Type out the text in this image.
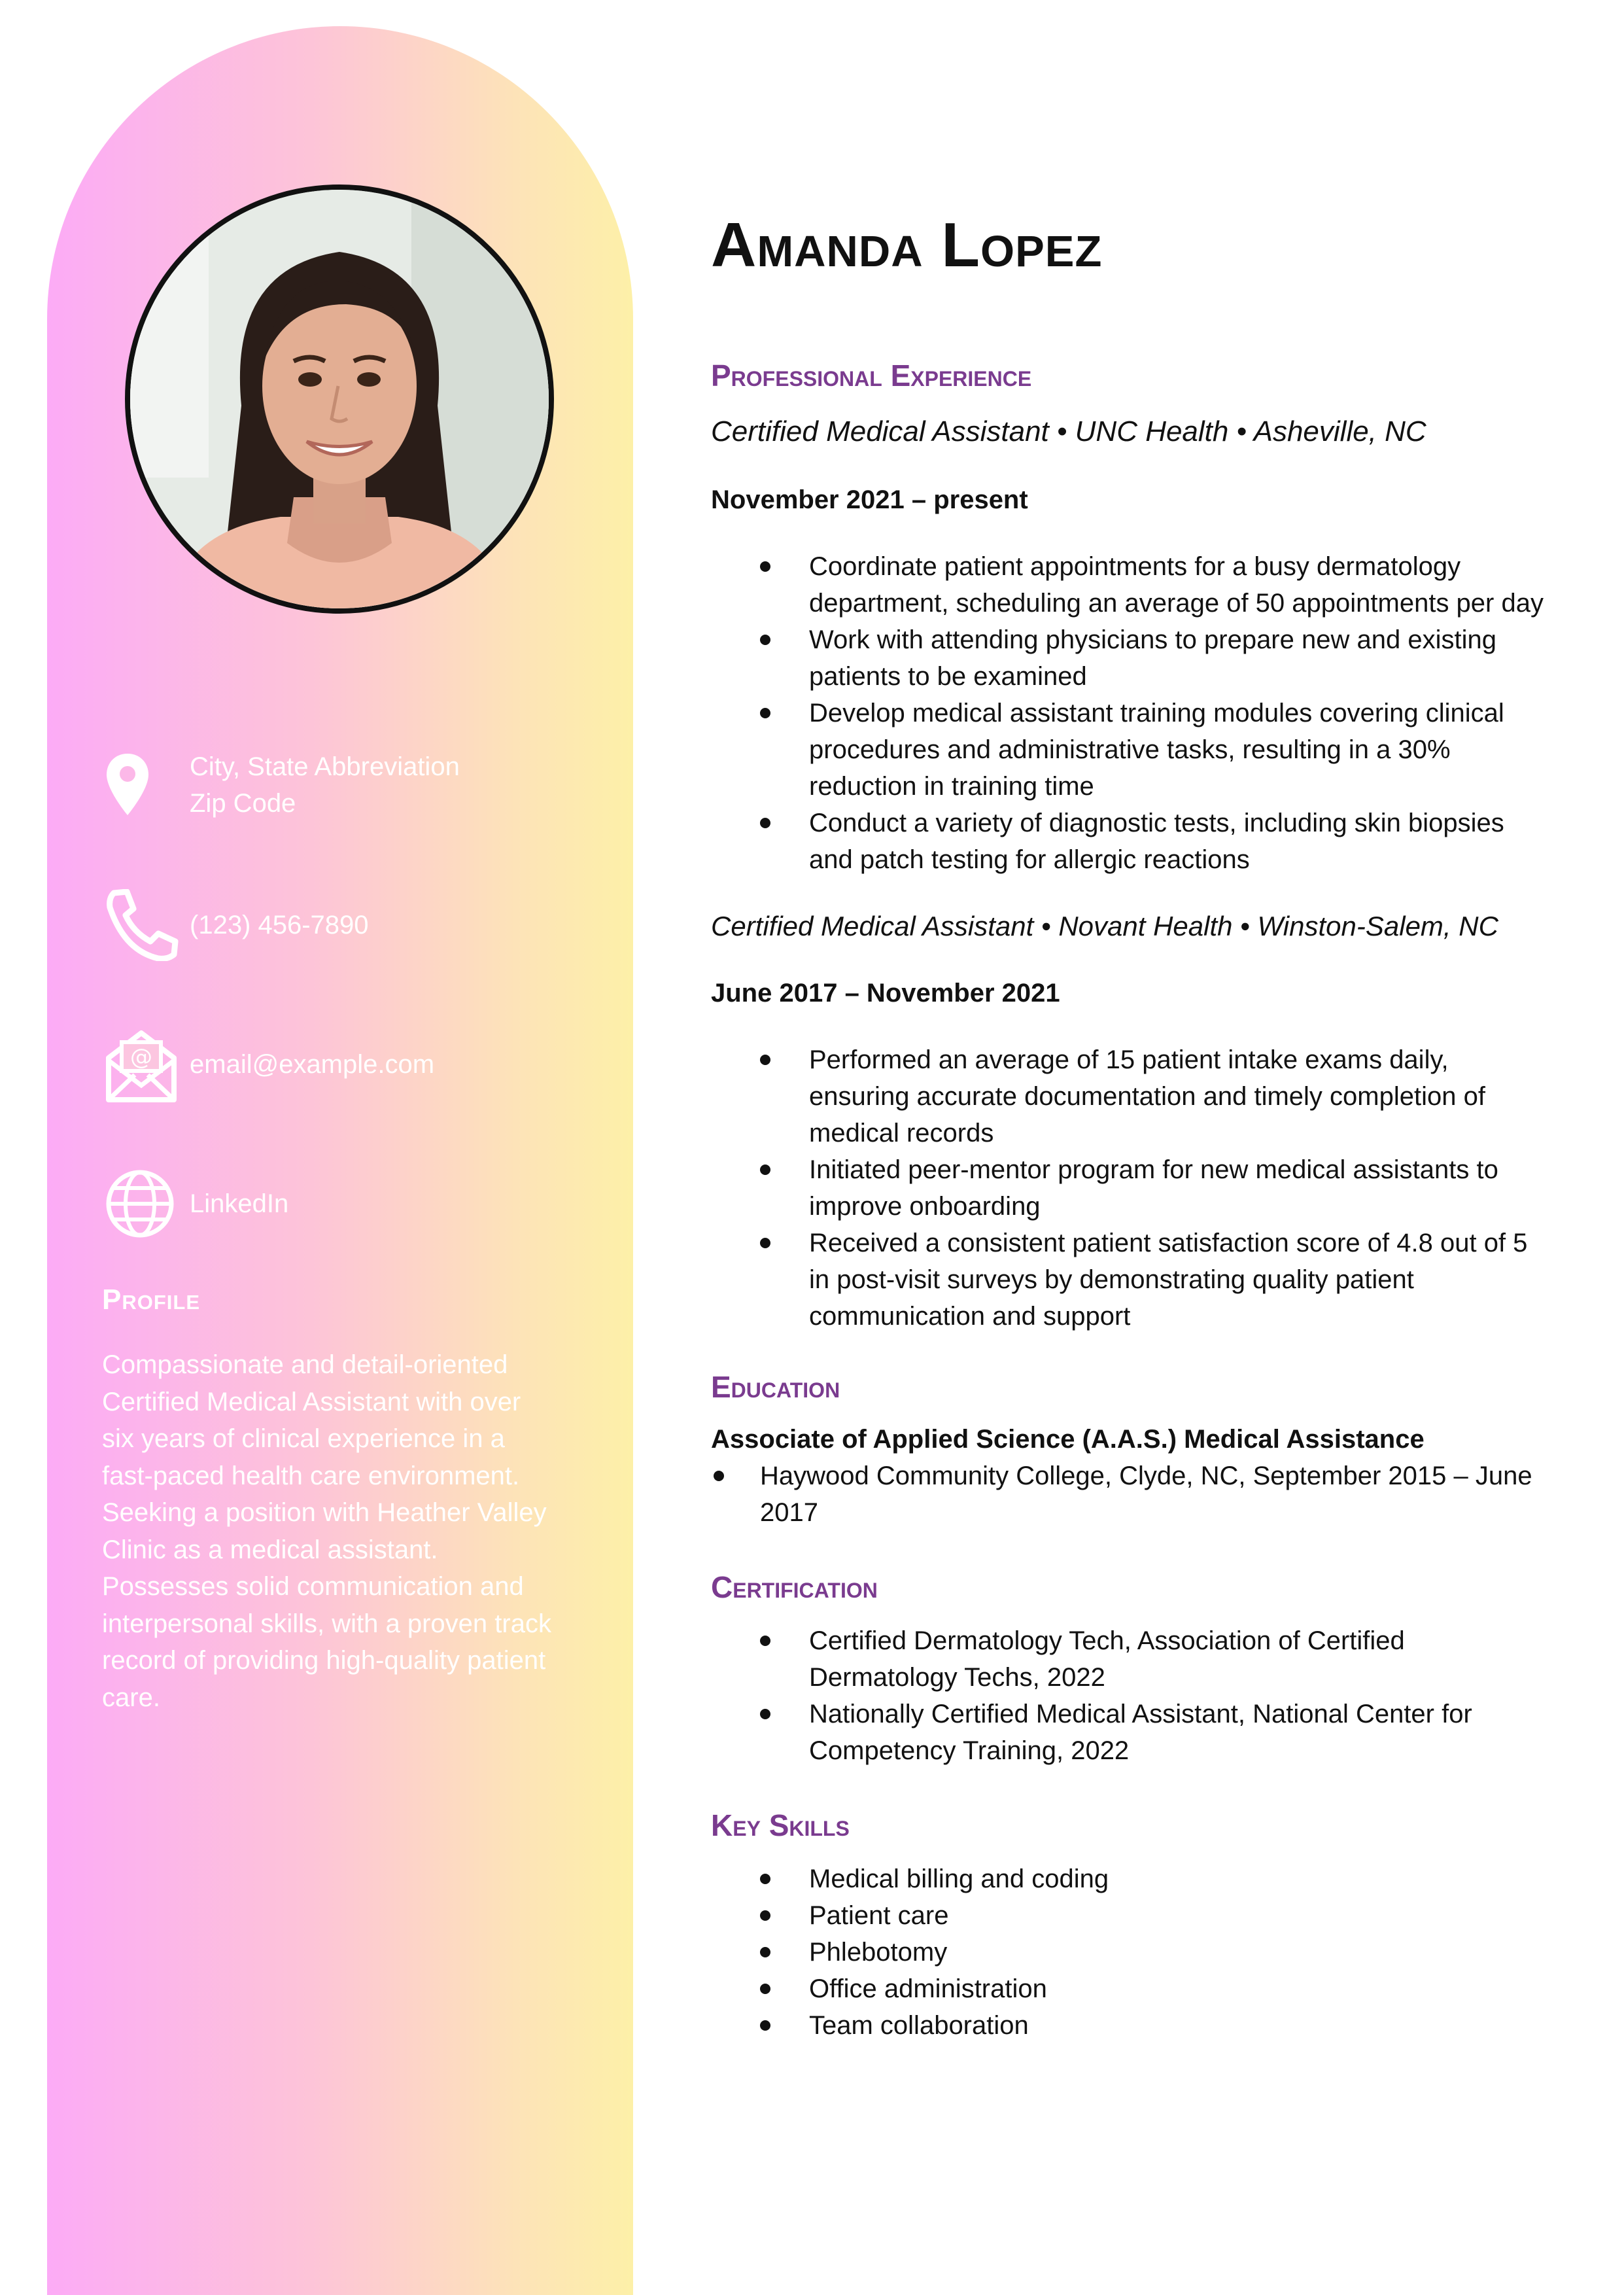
City, State Abbreviation Zip Code
(123) 456-7890
@ email@example.com
LinkedIn
Profile
Compassionate and detail-oriented Certified Medical Assistant with over six years of clinical experience in a fast-paced health care environment. Seeking a position with Heather Valley Clinic as a medical assistant. Possesses solid communication and interpersonal skills, with a proven track record of providing high-quality patient care.
Amanda Lopez
Professional Experience

Certified Medical Assistant • UNC Health • Asheville, NC

November 2021 – present

Coordinate patient appointments for a busy dermatology department, scheduling an average of 50 appointments per day
Work with attending physicians to prepare new and existing patients to be examined
Develop medical assistant training modules covering clinical procedures and administrative tasks, resulting in a 30% reduction in training time
Conduct a variety of diagnostic tests, including skin biopsies and patch testing for allergic reactions

Certified Medical Assistant • Novant Health • Winston-Salem, NC

June 2017 – November 2021

Performed an average of 15 patient intake exams daily, ensuring accurate documentation and timely completion of medical records
Initiated peer-mentor program for new medical assistants to improve onboarding
Received a consistent patient satisfaction score of 4.8 out of 5 in post-visit surveys by demonstrating quality patient communication and support
Education

Associate of Applied Science (A.A.S.) Medical Assistance

Haywood Community College, Clyde, NC, September 2015 – June 2017
Certification
Certified Dermatology Tech, Association of Certified Dermatology Techs, 2022
Nationally Certified Medical Assistant, National Center for Competency Training, 2022
Key Skills
Medical billing and coding
Patient care
Phlebotomy
Office administration
Team collaboration
